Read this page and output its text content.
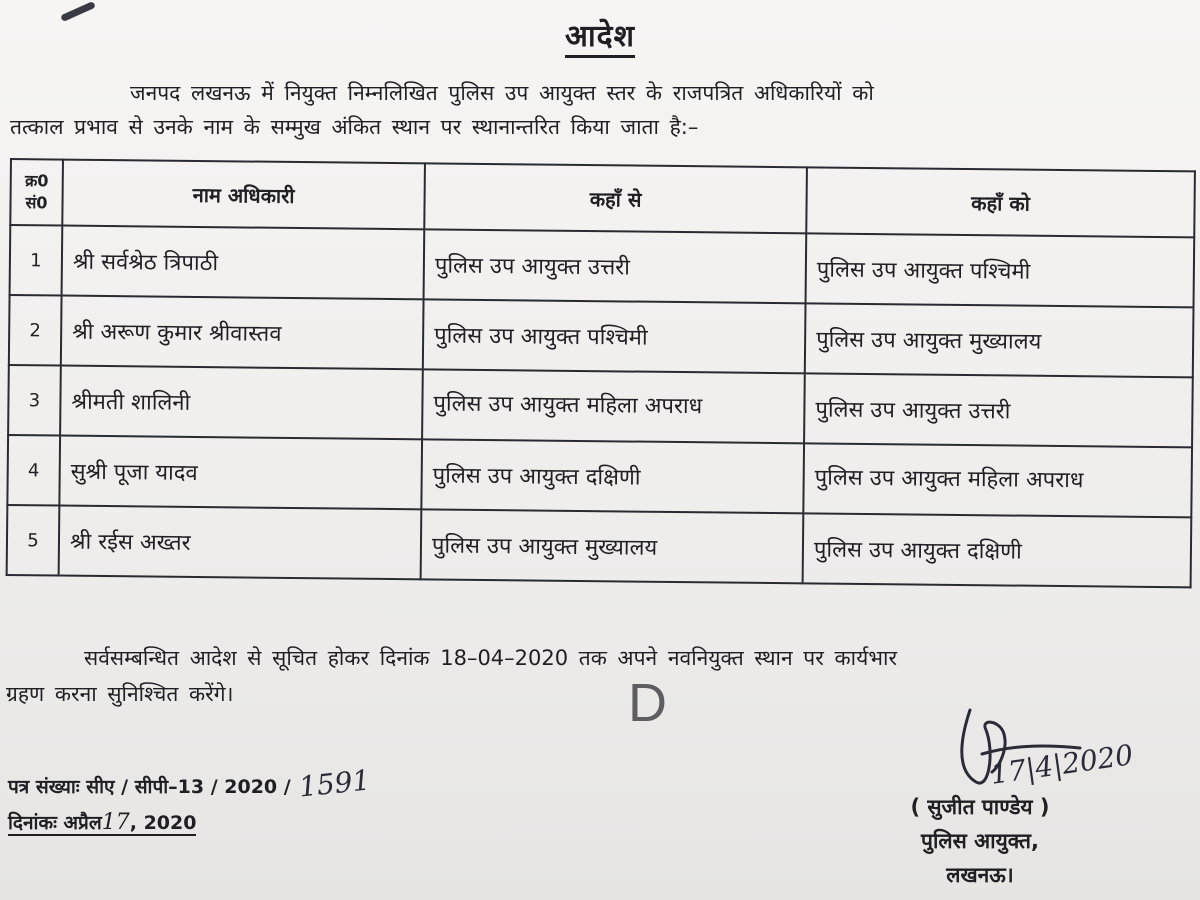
आदेश
जनपद लखनऊ में नियुक्त निम्नलिखित पुलिस उप आयुक्त स्तर के राजपत्रित अधिकारियों को
तत्काल प्रभाव से उनके नाम के सम्मुख अंकित स्थान पर स्थानान्तरित किया जाता है:–
क्र0 सं0	नाम अधिकारी	कहाँ से	कहाँ को
1	श्री सर्वश्रेठ त्रिपाठी	पुलिस उप आयुक्त उत्तरी	पुलिस उप आयुक्त पश्चिमी
2	श्री अरूण कुमार श्रीवास्तव	पुलिस उप आयुक्त पश्चिमी	पुलिस उप आयुक्त मुख्यालय
3	श्रीमती शालिनी	पुलिस उप आयुक्त महिला अपराध	पुलिस उप आयुक्त उत्तरी
4	सुश्री पूजा यादव	पुलिस उप आयुक्त दक्षिणी	पुलिस उप आयुक्त महिला अपराध
5	श्री रईस अख्तर	पुलिस उप आयुक्त मुख्यालय	पुलिस उप आयुक्त दक्षिणी
सर्वसम्बन्धित आदेश से सूचित होकर दिनांक 18–04–2020 तक अपने नवनियुक्त स्थान पर कार्यभार
ग्रहण करना सुनिश्चित करेंगे।	D
पत्र संख्याः सीए / सीपी–13 / 2020 / 1591
दिनांकः अप्रैल17, 2020
17|4|2020
( सुजीत पाण्डेय )
पुलिस आयुक्त,
लखनऊ।
